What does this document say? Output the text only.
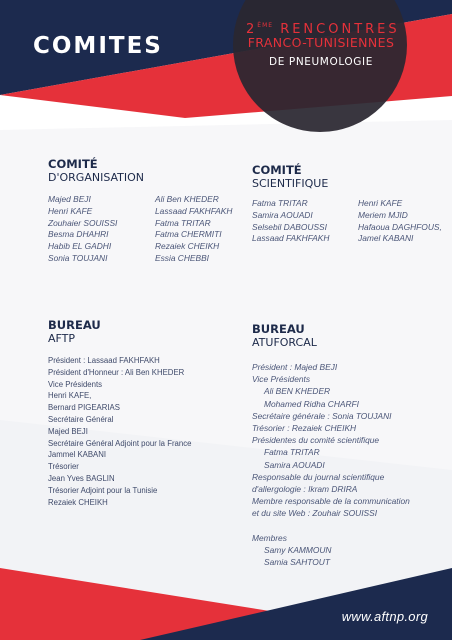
COMITES
2ÈME RENCONTRES
FRANCO-TUNISIENNES
DE PNEUMOLOGIE
COMITÉ
D'ORGANISATION
Majed BEJI
Henri KAFE
Zouhaier SOUISSI
Besma DHAHRI
Habib EL GADHI
Sonia TOUJANI
Ali Ben KHEDER
Lassaad FAKHFAKH
Fatma TRITAR
Fatma CHERMITI
Rezaiek CHEIKH
Essia CHEBBI
COMITÉ
SCIENTIFIQUE
Fatma TRITAR
Samira AOUADI
Selsebil DABOUSSI
Lassaad FAKHFAKH
Henri KAFE
Meriem MJID
Hafaoua DAGHFOUS,
Jamel KABANI
BUREAU
AFTP
Président : Lassaad FAKHFAKH
Président d'Honneur : Ali Ben KHEDER
Vice Présidents
Henri KAFE,
Bernard PIGEARIAS
Secrétaire Général
Majed BEJI
Secrétaire Général Adjoint pour la France
Jammel KABANI
Trésorier
Jean Yves BAGLIN
Trésorier Adjoint pour la Tunisie
Rezaiek CHEIKH
BUREAU
ATUFORCAL
Président : Majed BEJI
Vice Présidents
Ali BEN KHEDER
Mohamed Ridha CHARFI
Secrétaire générale : Sonia TOUJANI
Trésorier : Rezaiek CHEIKH
Présidentes du comité scientifique
Fatma TRITAR
Samira AOUADI
Responsable du journal scientifique
d'allergologie : Ikram DRIRA
Membre responsable de la communication
et du site Web : Zouhair SOUISSI
Membres
Samy KAMMOUN
Samia SAHTOUT
www.aftnp.org
